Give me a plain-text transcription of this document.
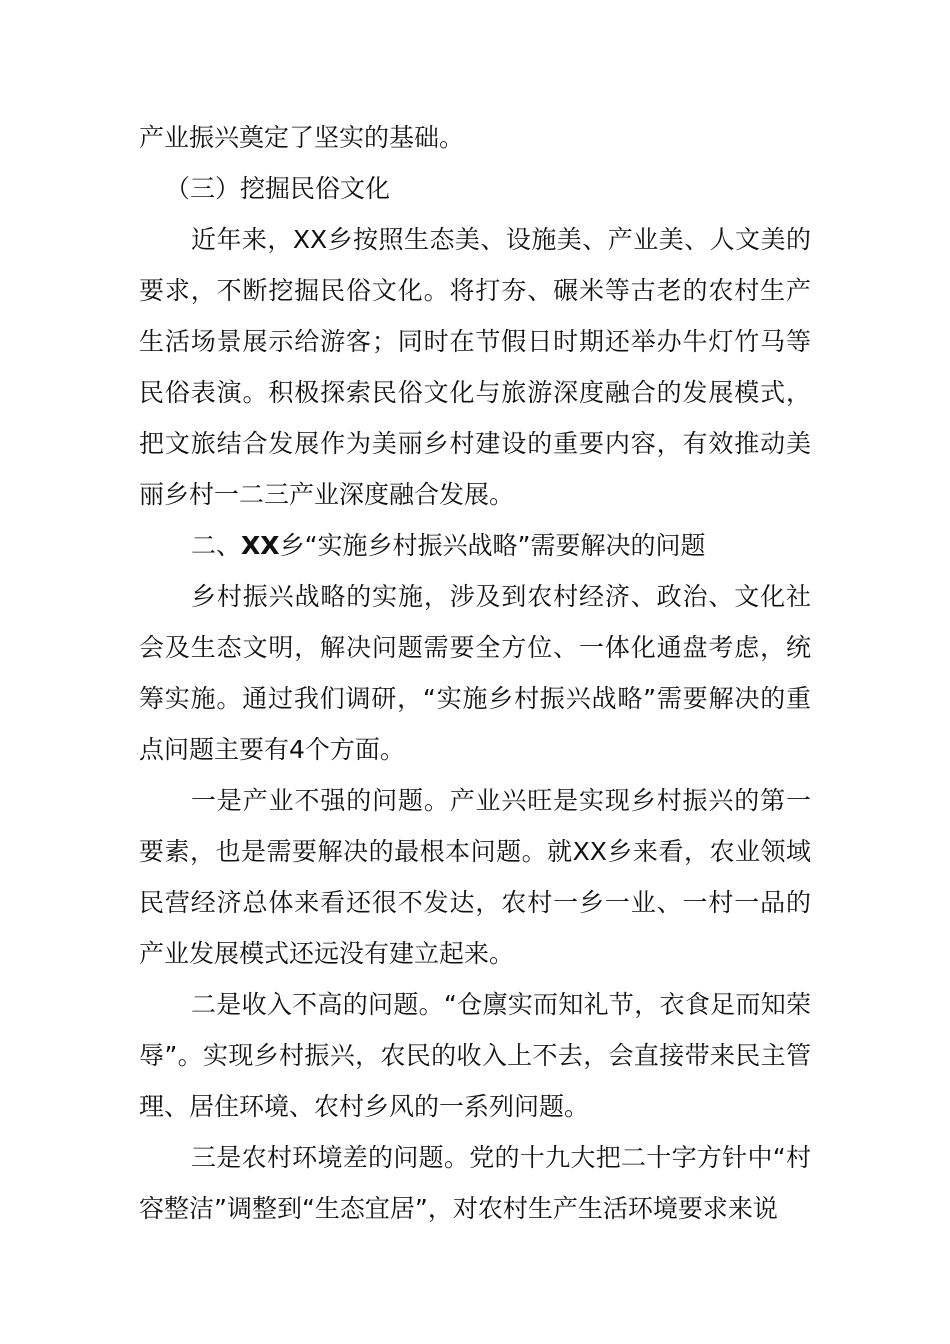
产业振兴奠定了坚实的基础。

（三）挖掘民俗文化

近年来，XX乡按照生态美、设施美、产业美、人文美的要求，不断挖掘民俗文化。将打夯、碾米等古老的农村生产生活场景展示给游客；同时在节假日时期还举办牛灯竹马等民俗表演。积极探索民俗文化与旅游深度融合的发展模式，把文旅结合发展作为美丽乡村建设的重要内容，有效推动美丽乡村一二三产业深度融合发展。

二、XX乡“实施乡村振兴战略”需要解决的问题

乡村振兴战略的实施，涉及到农村经济、政治、文化社会及生态文明，解决问题需要全方位、一体化通盘考虑，统筹实施。通过我们调研，“实施乡村振兴战略”需要解决的重点问题主要有4个方面。

一是产业不强的问题。产业兴旺是实现乡村振兴的第一要素，也是需要解决的最根本问题。就XX乡来看，农业领域民营经济总体来看还很不发达，农村一乡一业、一村一品的产业发展模式还远没有建立起来。

二是收入不高的问题。“仓廪实而知礼节，衣食足而知荣辱”。实现乡村振兴，农民的收入上不去，会直接带来民主管理、居住环境、农村乡风的一系列问题。

三是农村环境差的问题。党的十九大把二十字方针中“村容整洁”调整到“生态宜居”，对农村生产生活环境要求来说
